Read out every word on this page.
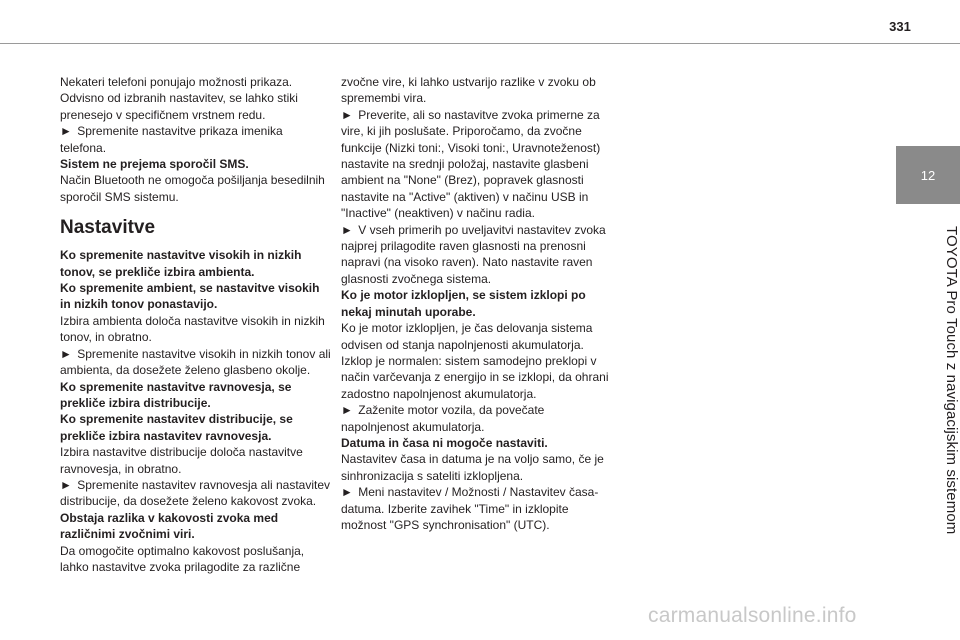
331
12
TOYOTA Pro Touch z navigacijskim sistemom

Nekateri telefoni ponujajo možnosti prikaza. Odvisno od izbranih nastavitev, se lahko stiki prenesejo v specifičnem vrstnem redu.

► Spremenite nastavitve prikaza imenika telefona.

Sistem ne prejema sporočil SMS.

Način Bluetooth ne omogoča pošiljanja besedilnih sporočil SMS sistemu.

Nastavitve

Ko spremenite nastavitve visokih in nizkih tonov, se prekliče izbira ambienta.

Ko spremenite ambient, se nastavitve visokih in nizkih tonov ponastavijo.

Izbira ambienta določa nastavitve visokih in nizkih tonov, in obratno.

► Spremenite nastavitve visokih in nizkih tonov ali ambienta, da dosežete želeno glasbeno okolje.

Ko spremenite nastavitve ravnovesja, se prekliče izbira distribucije.

Ko spremenite nastavitev distribucije, se prekliče izbira nastavitev ravnovesja.

Izbira nastavitve distribucije določa nastavitve ravnovesja, in obratno.

► Spremenite nastavitev ravnovesja ali nastavitev distribucije, da dosežete želeno kakovost zvoka.

Obstaja razlika v kakovosti zvoka med različnimi zvočnimi viri.

Da omogočite optimalno kakovost poslušanja, lahko nastavitve zvoka prilagodite za različne

zvočne vire, ki lahko ustvarijo razlike v zvoku ob spremembi vira.

► Preverite, ali so nastavitve zvoka primerne za vire, ki jih poslušate. Priporočamo, da zvočne funkcije (Nizki toni:, Visoki toni:, Uravnoteženost) nastavite na srednji položaj, nastavite glasbeni ambient na "None" (Brez), popravek glasnosti nastavite na "Active" (aktiven) v načinu USB in "Inactive" (neaktiven) v načinu radia.

► V vseh primerih po uveljavitvi nastavitev zvoka najprej prilagodite raven glasnosti na prenosni napravi (na visoko raven). Nato nastavite raven glasnosti zvočnega sistema.

Ko je motor izklopljen, se sistem izklopi po nekaj minutah uporabe.

Ko je motor izklopljen, je čas delovanja sistema odvisen od stanja napolnjenosti akumulatorja.

Izklop je normalen: sistem samodejno preklopi v način varčevanja z energijo in se izklopi, da ohrani zadostno napolnjenost akumulatorja.

► Zaženite motor vozila, da povečate napolnjenost akumulatorja.

Datuma in časa ni mogoče nastaviti.

Nastavitev časa in datuma je na voljo samo, če je sinhronizacija s sateliti izklopljena.

► Meni nastavitev / Možnosti / Nastavitev časa-datuma. Izberite zavihek "Time" in izklopite možnost "GPS synchronisation" (UTC).

carmanualsonline.info
